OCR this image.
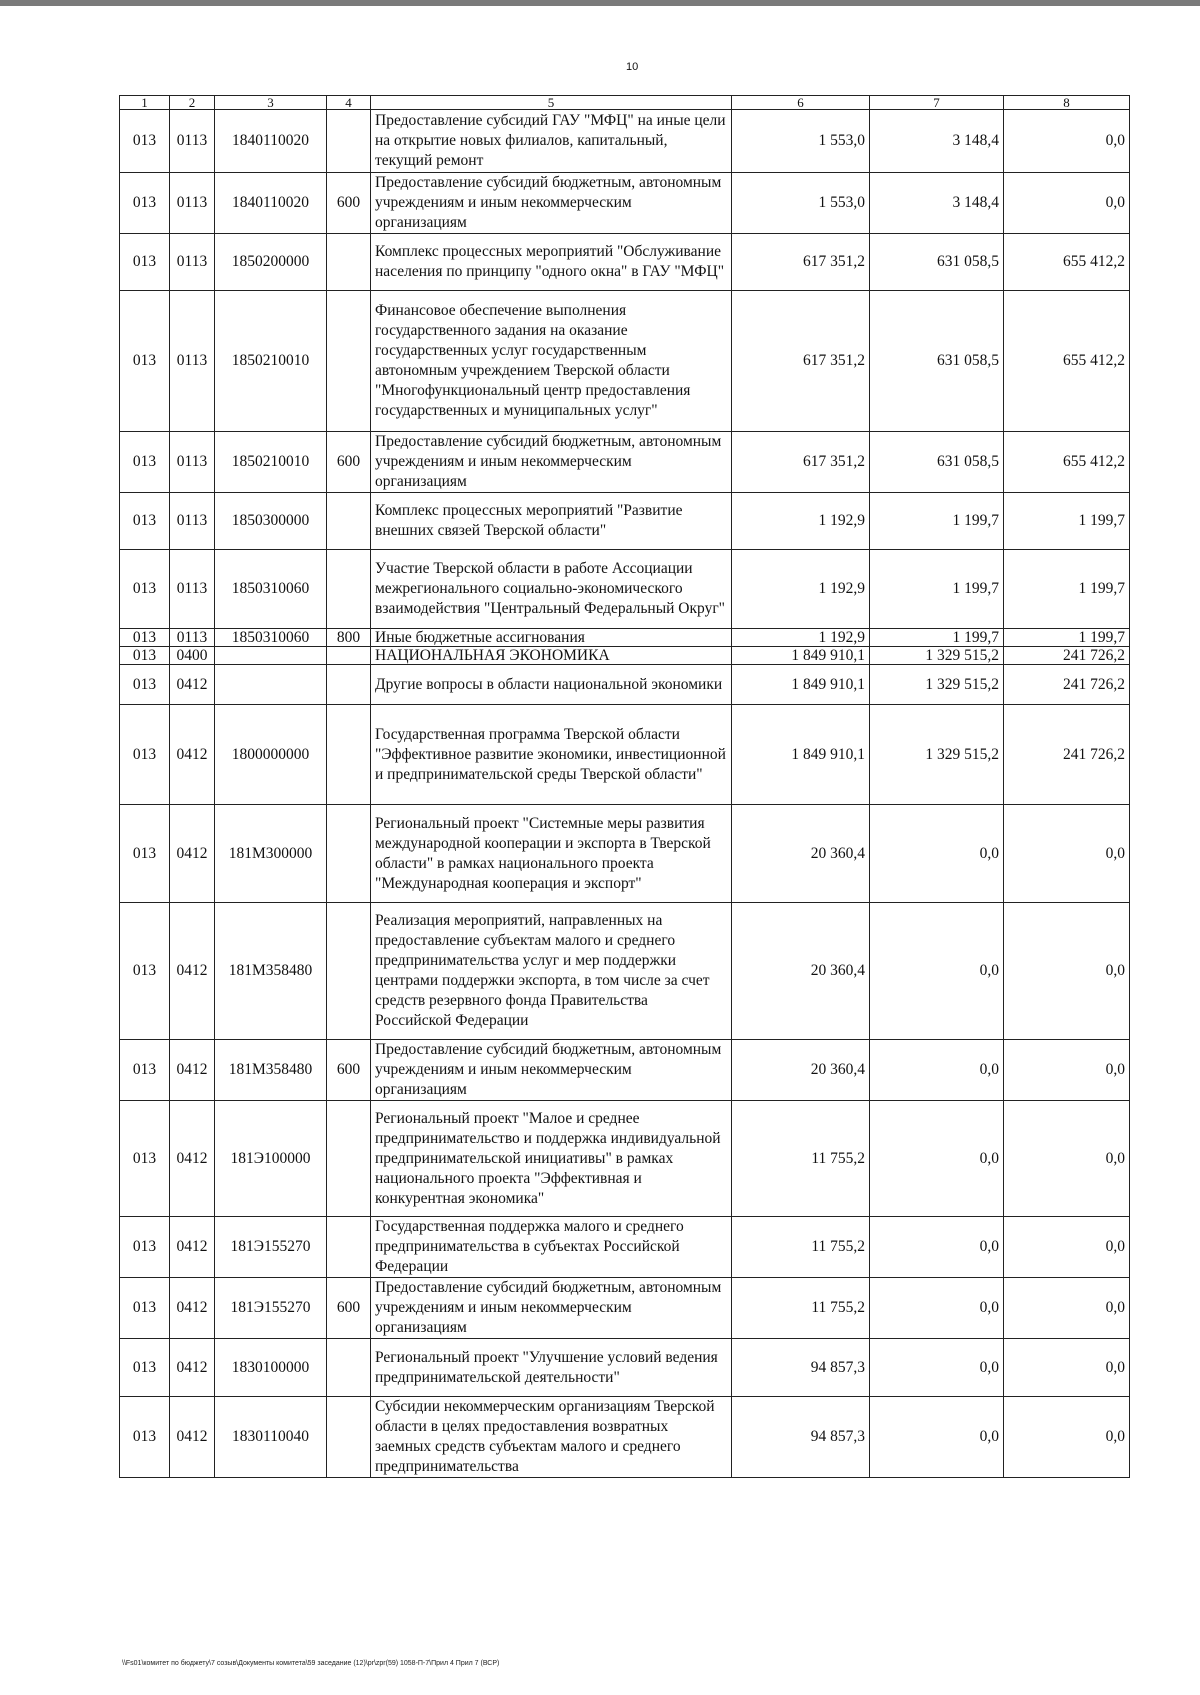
10
1	2	3	4	5	6	7	8
013	0113	1840110020		Предоставление субсидий ГАУ "МФЦ" на иные цели на открытие новых филиалов, капитальный, текущий ремонт	1 553,0	3 148,4	0,0
013	0113	1840110020	600	Предоставление субсидий бюджетным, автономным учреждениям и иным некоммерческим организациям	1 553,0	3 148,4	0,0
013	0113	1850200000		Комплекс процессных мероприятий "Обслуживание населения по принципу "одного окна" в ГАУ "МФЦ"	617 351,2	631 058,5	655 412,2
013	0113	1850210010		Финансовое обеспечение выполнения государственного задания на оказание государственных услуг государственным автономным учреждением Тверской области "Многофункциональный центр предоставления государственных и муниципальных услуг"	617 351,2	631 058,5	655 412,2
013	0113	1850210010	600	Предоставление субсидий бюджетным, автономным учреждениям и иным некоммерческим организациям	617 351,2	631 058,5	655 412,2
013	0113	1850300000		Комплекс процессных мероприятий "Развитие внешних связей Тверской области"	1 192,9	1 199,7	1 199,7
013	0113	1850310060		Участие Тверской области в работе Ассоциации межрегионального социально-экономического взаимодействия "Центральный Федеральный Округ"	1 192,9	1 199,7	1 199,7
013	0113	1850310060	800	Иные бюджетные ассигнования	1 192,9	1 199,7	1 199,7
013	0400			НАЦИОНАЛЬНАЯ ЭКОНОМИКА	1 849 910,1	1 329 515,2	241 726,2
013	0412			Другие вопросы в области национальной экономики	1 849 910,1	1 329 515,2	241 726,2
013	0412	1800000000		Государственная программа Тверской области "Эффективное развитие экономики, инвестиционной и предпринимательской среды Тверской области"	1 849 910,1	1 329 515,2	241 726,2
013	0412	181М300000		Региональный проект "Системные меры развития международной кооперации и экспорта в Тверской области" в рамках национального проекта "Международная кооперация и экспорт"	20 360,4	0,0	0,0
013	0412	181М358480		Реализация мероприятий, направленных на предоставление субъектам малого и среднего предпринимательства услуг и мер поддержки центрами поддержки экспорта, в том числе за счет средств резервного фонда Правительства Российской Федерации	20 360,4	0,0	0,0
013	0412	181М358480	600	Предоставление субсидий бюджетным, автономным учреждениям и иным некоммерческим организациям	20 360,4	0,0	0,0
013	0412	181Э100000		Региональный проект "Малое и среднее предпринимательство и поддержка индивидуальной предпринимательской инициативы" в рамках национального проекта "Эффективная и конкурентная экономика"	11 755,2	0,0	0,0
013	0412	181Э155270		Государственная поддержка малого и среднего предпринимательства в субъектах Российской Федерации	11 755,2	0,0	0,0
013	0412	181Э155270	600	Предоставление субсидий бюджетным, автономным учреждениям и иным некоммерческим организациям	11 755,2	0,0	0,0
013	0412	1830100000		Региональный проект "Улучшение условий ведения предпринимательской деятельности"	94 857,3	0,0	0,0
013	0412	1830110040		Субсидии некоммерческим организациям Тверской области в целях предоставления возвратных заемных средств субъектам малого и среднего предпринимательства	94 857,3	0,0	0,0
\\Fs01\комитет по бюджету\7 созыв\Документы комитета\59 заседание (12)\pr\zpr(59) 1058-П-7\Прил 4 Прил 7 (ВСР)
